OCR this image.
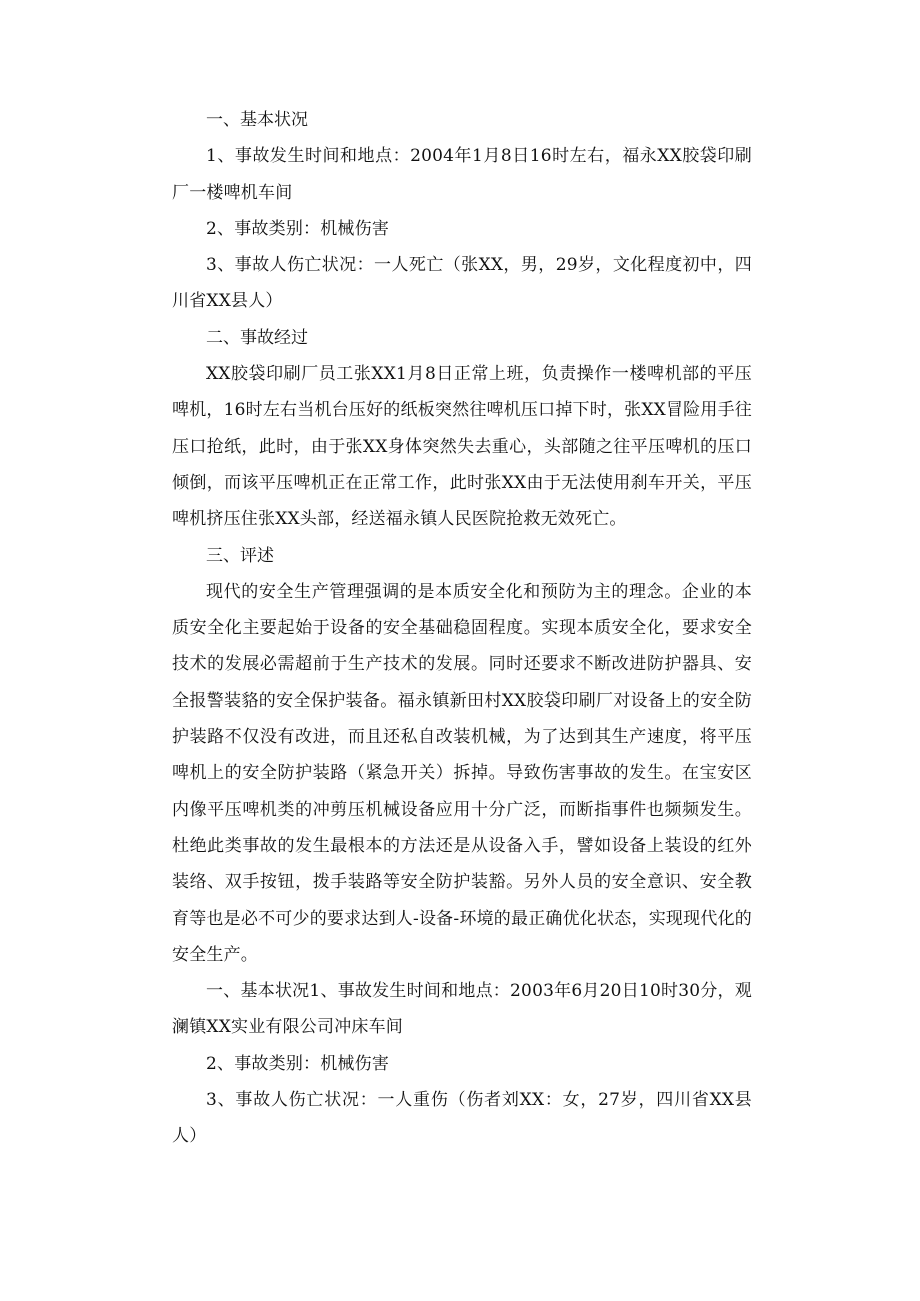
一、基本状况

1、事故发生时间和地点：2004年1月8日16时左右，福永XX胶袋印刷厂一楼啤机车间

2、事故类别：机械伤害

3、事故人伤亡状况：一人死亡（张XX，男，29岁，文化程度初中，四川省XX县人）

二、事故经过

XX胶袋印刷厂员工张XX1月8日正常上班，负责操作一楼啤机部的平压啤机，16时左右当机台压好的纸板突然往啤机压口掉下时，张XX冒险用手往压口抢纸，此时，由于张XX身体突然失去重心，头部随之往平压啤机的压口倾倒，而该平压啤机正在正常工作，此时张XX由于无法使用刹车开关，平压啤机挤压住张XX头部，经送福永镇人民医院抢救无效死亡。

三、评述

现代的安全生产管理强调的是本质安全化和预防为主的理念。企业的本质安全化主要起始于设备的安全基础稳固程度。实现本质安全化，要求安全技术的发展必需超前于生产技术的发展。同时还要求不断改进防护器具、安全报警装貉的安全保护装备。福永镇新田村XX胶袋印刷厂对设备上的安全防护装路不仅没有改进，而且还私自改装机械，为了达到其生产速度，将平压啤机上的安全防护装路（紧急开关）拆掉。导致伤害事故的发生。在宝安区内像平压啤机类的冲剪压机械设备应用十分广泛，而断指事件也频频发生。杜绝此类事故的发生最根本的方法还是从设备入手，譬如设备上装设的红外装络、双手按钮，拨手装路等安全防护装豁。另外人员的安全意识、安全教育等也是必不可少的要求达到人-设备-环境的最正确优化状态，实现现代化的安全生产。

一、基本状况1、事故发生时间和地点：2003年6月20日10时30分，观澜镇XX实业有限公司冲床车间

2、事故类别：机械伤害

3、事故人伤亡状况：一人重伤（伤者刘XX：女，27岁，四川省XX县人）
